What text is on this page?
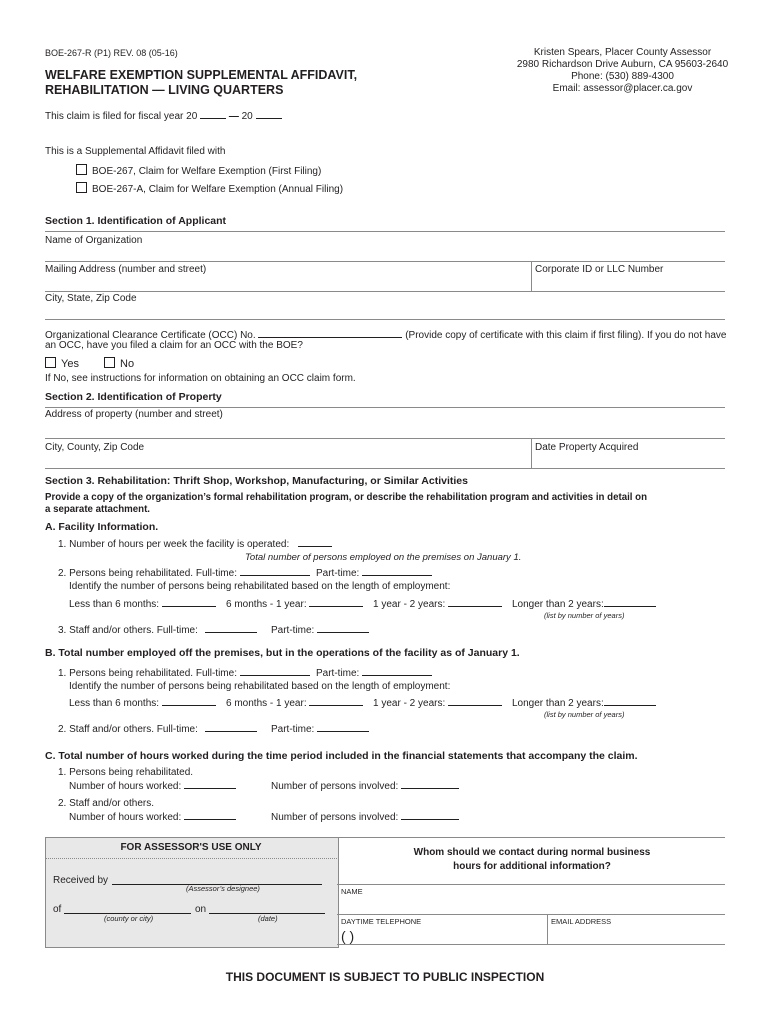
BOE-267-R (P1) REV. 08 (05-16)
WELFARE EXEMPTION SUPPLEMENTAL AFFIDAVIT,
REHABILITATION — LIVING QUARTERS
Kristen Spears, Placer County Assessor
2980 Richardson Drive Auburn, CA 95603-2640
Phone: (530) 889-4300
Email: assessor@placer.ca.gov
This claim is filed for fiscal year 20	— 20
This is a Supplemental Affidavit filed with
BOE-267, Claim for Welfare Exemption (First Filing)
BOE-267-A, Claim for Welfare Exemption (Annual Filing)
Section 1. Identification of Applicant
Name of Organization
Mailing Address (number and street)	Corporate ID or LLC Number
City, State, Zip Code
Organizational Clearance Certificate (OCC) No.	(Provide copy of certificate with this claim if first filing). If you do not have
an OCC, have you filed a claim for an OCC with the BOE?
Yes	No
If No, see instructions for information on obtaining an OCC claim form.
Section 2. Identification of Property
Address of property (number and street)
City, County, Zip Code	Date Property Acquired
Section 3. Rehabilitation: Thrift Shop, Workshop, Manufacturing, or Similar Activities
Provide a copy of the organization’s formal rehabilitation program, or describe the rehabilitation program and activities in detail on
a separate attachment.
A. Facility Information.
1. Number of hours per week the facility is operated:
Total number of persons employed on the premises on January 1.
2. Persons being rehabilitated. Full-time:	Part-time:
Identify the number of persons being rehabilitated based on the length of employment:
Less than 6 months:	6 months - 1 year:	1 year - 2 years:	Longer than 2 years:
(list by number of years)
3. Staff and/or others. Full-time:	Part-time:
B. Total number employed off the premises, but in the operations of the facility as of January 1.
1. Persons being rehabilitated. Full-time:	Part-time:
Identify the number of persons being rehabilitated based on the length of employment:
Less than 6 months:	6 months - 1 year:	1 year - 2 years:	Longer than 2 years:
(list by number of years)
2. Staff and/or others. Full-time:	Part-time:
C. Total number of hours worked during the time period included in the financial statements that accompany the claim.
1. Persons being rehabilitated.
Number of hours worked:	Number of persons involved:
2. Staff and/or others.
Number of hours worked:	Number of persons involved:
FOR ASSESSOR'S USE ONLY
Received by
(Assessor’s designee)
of	on
(county or city)	(date)
Whom should we contact during normal business
hours for additional information?
NAME
DAYTIME TELEPHONE
( )
EMAIL ADDRESS
THIS DOCUMENT IS SUBJECT TO PUBLIC INSPECTION
